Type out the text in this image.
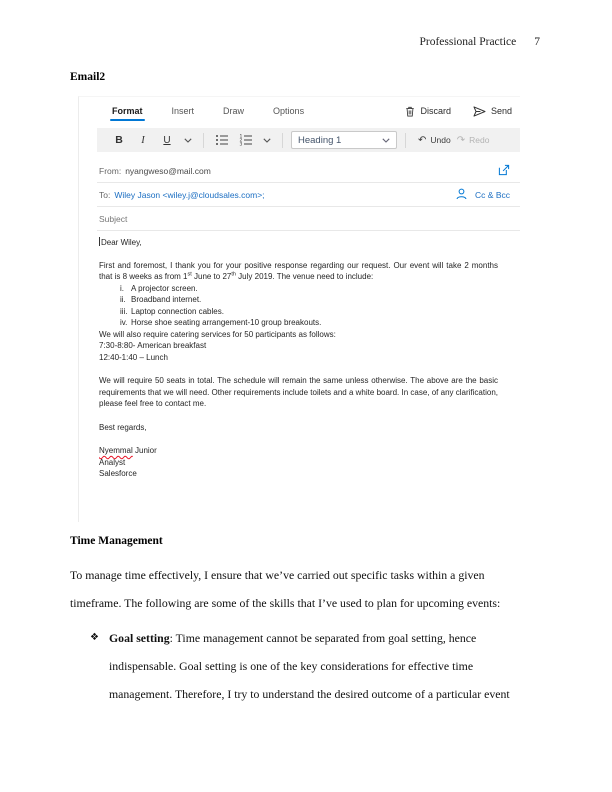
Professional Practice 7
Email2
Format	Insert	Draw	Options	Discard	Send
B	I	U	1
2
3	Heading 1	↶ Undo ↷ Redo
From: nyangweso@mail.com
To: Wiley Jason <wiley.j@cloudsales.com>;	Cc & Bcc
Subject

Dear Wiley,

First and foremost, I thank you for your positive response regarding our request. Our event will take 2 months that is 8 weeks as from 1st June to 27th July 2019. The venue need to include:

i. A projector screen.
ii. Broadband internet.
iii. Laptop connection cables.
iv. Horse shoe seating arrangement-10 group breakouts.

We will also require catering services for 50 participants as follows:

7:30-8:80- American breakfast

12:40-1:40 – Lunch

We will require 50 seats in total. The schedule will remain the same unless otherwise. The above are the basic requirements that we will need. Other requirements include toilets and a white board. In case, of any clarification, please feel free to contact me.

Best regards,

Nyemmal Junior

Analyst

Salesforce

Time Management
To manage time effectively, I ensure that we’ve carried out specific tasks within a given timeframe. The following are some of the skills that I’ve used to plan for upcoming events:
❖ Goal setting: Time management cannot be separated from goal setting, hence indispensable. Goal setting is one of the key considerations for effective time management. Therefore, I try to understand the desired outcome of a particular event
